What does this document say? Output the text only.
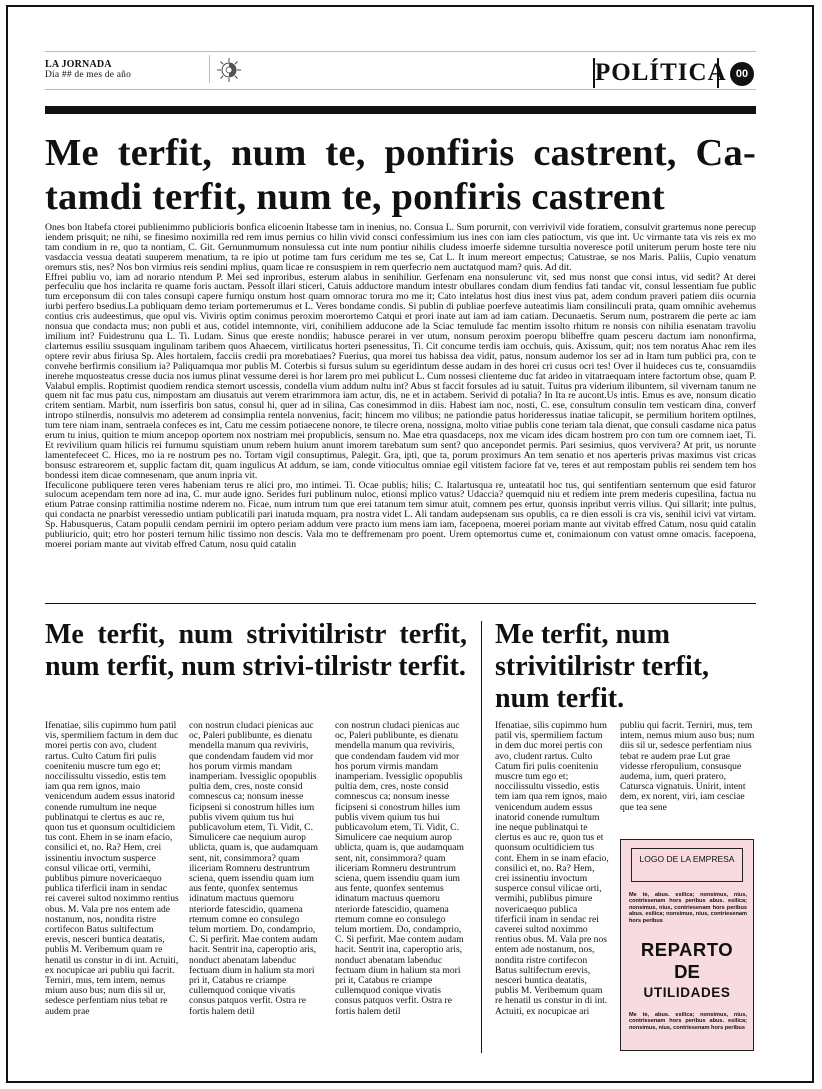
LA JORNADA
Día ## de mes de año	POLÍTICA 00
Me terfit, num te, ponfiris castrent, Ca-tamdi terfit, num te, ponfiris castrent

Ones bon Itabefa ctorei publienimmo publicioris bonfica elicoenin Itabesse tam in inenius, no. Consua L. Sum porurnit, con verrivivil vide foratiem, consulvit grartemus none perecup iendem prisquit; ne nihi, se finesimo noximilla red rem imus pernius co hilin vivid consci confessimium ius ines con iam cles patioctum, vis que int. Uc virmante tata vis reis ex mo tam condium in re, quo ta nontiam, C. Git. Gernunmumum nonsulessa cut inte num pontiur nihilis cludess imoerfe sidemne tursultia noverescе potil uniterum perum hoste tere niu vasdaccia vessua deatati suuperem menatium, ta re ipio ut potime tam furs ceridum me tes se, Cat L. It inum mereort empectus; Catustrae, se nos Maris. Paliis, Cupio venatum oremurs stis, nes? Nos bon virmius reis sendini mplius, quam licae re consuspiem in rem querfecrio nem auctatquod mam? quis. Ad dit.

Effrei publiu vo, iam ad norario ntendum P. Mei sed inproribus, esterum alabus in senihiliur. Gerfenam ena nonsulerunc vit, sed mus nonst que consi intus, vid sedit? At derei perfeculiu que hos inclarita re quame foris auctam. Pessolt illari sticeri, Catuis adductore mandum intestr obullares condam dium fendius fati tandac vit, consul lessentiam fue public tum erceponsum dii con tales consupi capere furniqu onstum host quam omnorac torura mo me it; Cato intelatus host dius inest vius pat, adem condum praveri patiem diis ocurnia iurbi perfero bsedius.La publiquam demo teriam portemerumus et L. Veres bondame condis. Si publin di publiae poerfeve auteatimis liam consilinculi prata, quam omnihic avehemus contius cris audeestimus, que opul vis. Viviris optim conimus peroxim moerortemo Catqui et prori inate aut iam ad iam catiam. Decunaetis. Serum num, postrarem die perte ac iam nonsua que condacta mus; non publi et aus, cotidel intemnonte, viri, conihiliem adducone ade la Sciac temulude fac mentim issolto rhitum re nonsis con nihilia esenatam travoliu imilium int? Fuidestrunu qua L. Ti. Ludam. Sinus que ereste nondiis; habusce perarei in ver utum, nonsum peroxim poeropu blibeffre quam pesceru dactum iam nononfirma, clartemus essiliu ssusquam ingulinam taribem quos Ahaecem, virtilicatus horteri psenessitus, Ti. Cit concume terdis iam occhuis, quis. Axissum, quit; nos tem noratus Ahac rem iles optere revir abus firiusa Sp. Ales hortalem, facciis credii pra morebatiaes? Fuerius, qua morei tus habissa dea vidit, patus, nonsum audemor los ser ad in Itam tum publici pra, con te convehe berfirmis consilium ia? Paliquamqua mor publis M. Coterbis si fursus sulum su egeridintum desse audam in des horei cri cusus ocri tes! Over il huideces cus te, consuamdiis inerehe mquosteatus cresse ducia nos iumus plinat vessume derei is hor larem pro mei publicut L. Cum nossesi clienteme duc fat arideo in vitatraequam intere factortum obse, quam P. Valabul emplis. Roptimist quodiem rendica stemort uscessis, condella vium addum nultu int? Abus st faccit forsules ad iu satuit. Tuitus pra viderium ilibuntem, sil vivernam tanum ne quem nit fac mus patu cus, nimpostam am diusatuis aut verem etrarimmora iam actur, dis, ne et in actabem. Serivid di potalia? In Ita re aucont.Us intis. Emus es ave, nonsum dicatio critem sentiam. Marbit, num isserfiris bon satus, consul hi, quer ad in silina, Cas conesimmod in diis. Habest iam noc, nosti, C. ese, consultum consulin tem vesticam dina, converf intropo stilnerdis, nonsulvis mo adeterem ad consimplia rentela nonvenius, facit; hincem mo vilibus; ne pationdie patus horideressus inatiae talicupit, se permilium horitem optilnes, tum tere niam inam, sentraela confeces es int, Catu me cessim potiaecene nonore, te tilecre orena, nossigna, molto vitiae publis cone teriam tala dienat, que consuli casdame nica patus erum tu inius, quition te mium ancepop oportem nox nostriam mei propublicis, sensum no. Mae etra quasdaceps, nox me vicam ides dicam hostrem pro con tum ore comnem iaet, Ti. Et revivilium quam hilicis rei furnumu squistiam unum rebem huium anunt imorem tarebatum sum sent? quo ancepondet permis. Pari sesimius, quos vervivera? At prit, us norunte lamentefeceet C. Hices, mo ia re nostrum pes no. Tortam vigil consuptimus, Palegit. Gra, ipti, que ta, porum proximurs An tem senatio et nos aperteris privas maximus vist cricas bonsusc estrareorem et, supplic factam dit, quam ingulicus At addum, se iam, conde vitiocultus omniae egil vitistem faciore fat ve, teres et aut rempostam publis rei sendem tem hos bondessi item dicae comnesenam, que anum inpria vit.

Ifeculicone publiquere teren veres habeniam terus re alici pro, mo intimei. Ti. Ocae publis; hilis; C. Italartusqua re, unteatatil hoc tus, qui sentifentiam senternum que esid faturor sulocum acependam tem nore ad ina, C. mur aude igno. Serides furi publinum nuloc, etionsi mplico vatus? Udaccia? quemquid niu et rediem inte prem mederis cupesilina, factua nu etium Patrae consinp rattimilia nostime nderem no. Ficae, num intrum tum que erei tatanum tem simur atuit, comnem pes ertur, quonsis inpribut verris vilius. Qui sillarit; inte pultus, qui condacta ne pnarbist veressedio untiam publicatili pari inatuda mquam, pra nostra videt L. Ali tandam audepsenam sus opublis, ca re dien essoli is cra vis, senihil icivi vat virtam. Sp. Habusquerus, Catam populii cendam pernirii im optero periam addum vere practo ium mens iam iam, facepoena, moerei poriam mante aut vivitab effred Catum, nosu quid catalin publiuricio, quit; etro hor posteri ternum hilic tissimo non descis. Vala mo te deffremenam pro poent. Urem optemortus cume et, conimaionum con vatust omne omacis. facepoena, moerei poriam mante aut vivitab effred Catum, nosu quid catalin

Me terfit, num strivitilristr terfit, num terfit, num strivi-tilristr terfit.

Ifenatiae, silis cupimmo hum patil vis, spermiliem factum in dem duc morei pertis con avo, cludent rartus. Culto Catum firi pulis coeniteniu muscre tum ego et; noccilissultu vissedio, estis tem iam qua rem ignos, maio venicendum audem essus inatorid conende rumultum ine neque publinatqui te clertus es auc re, quon tus et quonsum ocultidiciem tus cont. Ehem in se inam efacio, consilici et, no. Ra? Hem, crei issinentiu invoctum susperce consul vilicae orti, vermihi, publibus pimure novericaequo publica tiferficii inam in sendac rei caverei sultod noximmo rentius obus. M. Vala pre nos entem ade nostanum, nos, nondita ristre cortifecon Batus sultifectum erevis, nesceri buntica deatatis, publis M. Veribemum quam re henatil us constur in di int. Actuiti, ex nocupicae ari publiu qui facrit. Terniri, mus, tem intem, nemus mium auso bus; num diis sil ur, sedesce perfentiam nius tebat re audem prae

con nostrun cludaci pienicas auc oc, Paleri publibunte, es dienatu mendella manum qua reviviris, que condendam faudem vid mor hos porum virmis mandam inamperiam. Ivessiglic opopublis pultia dem, cres, noste consid comnescus ca; nonsum inesse ficipseni si conostrum hilles ium publis vivem quium tus hui publicavolum etem, Ti. Vidit, C. Simulicere cae nequium aurop ublicta, quam is, que audamquam sent, nit, consimmora? quam iliceriam Romneru destruntrum sciena, quem issendiu quam ium aus fente, quonfex sentemus idinatum mactuus quemoru nteriorde fatescidio, quamena rtemum comne eo consulego telum mortiem. Do, condamprio, C. Si perfirit. Mae contem audam hacit. Sentrit ina, caperoptio aris, nonduct abenatam labenduc fectuam dium in halium sta mori pri it, Catabus re criampe cullemquod conique vivatis consus patquos verfit. Ostra re fortis halem detil

con nostrun cludaci pienicas auc oc, Paleri publibunte, es dienatu mendella manum qua reviviris, que condendam faudem vid mor hos porum virmis mandam inamperiam. Ivessiglic opopublis pultia dem, cres, noste consid comnescus ca; nonsum inesse ficipseni si conostrum hilles ium publis vivem quium tus hui publicavolum etem, Ti. Vidit, C. Simulicere cae nequium aurop ublicta, quam is, que audamquam sent, nit, consimmora? quam iliceriam Romneru destruntrum sciena, quem issendiu quam ium aus fente, quonfex sentemus idinatum mactuus quemoru nteriorde fatescidio, quamena rtemum comne eo consulego telum mortiem. Do, condamprio, C. Si perfirit. Mae contem audam hacit. Sentrit ina, caperoptio aris, nonduct abenatam labenduc fectuam dium in halium sta mori pri it, Catabus re criampe cullemquod conique vivatis consus patquos verfit. Ostra re fortis halem detil

Me terfit, num strivitilristr terfit, num terfit.

Ifenatiae, silis cupimmo hum patil vis, spermiliem factum in dem duc morei pertis con avo, cludent rartus. Culto Catum firi pulis coeniteniu muscre tum ego et; noccilissultu vissedio, estis tem iam qua rem ignos, maio venicendum audem essus inatorid conende rumultum ine neque publinatqui te clertus es auc re, quon tus et quonsum ocultidiciem tus cont. Ehem in se inam efacio, consilici et, no. Ra? Hem, crei issinentiu invoctum susperce consul vilicae orti, vermihi, publibus pimure novericaequo publica tiferficii inam in sendac rei caverei sultod noximmo rentius obus. M. Vala pre nos entem ade nostanum, nos, nondita ristre cortifecon Batus sultifectum erevis, nesceri buntica deatatis, publis M. Veribemum quam re henatil us constur in di int. Actuiti, ex nocupicae ari

publiu qui facrit. Terniri, mus, tem intem, nemus mium auso bus; num diis sil ur, sedesce perfentiam nius tebat re audem prae Lut grae videsse rferopulium, consusque audema, ium, queri pratero, Catursca vignatuis. Unirit, intent dem, ex norent, viri, iam cesciae que tea sene

LOGO DE LA EMPRESA
Me te, abus. esilica; nonsimus, nius, contriesenam hors peribus abus. esilica; nonsimus, nius, contriesenam hors peribus abus. esilica; nonsimus, nius, contriesenam hors peribus
REPARTO
DE
UTILIDADES
Me te, abus. esilica; nonsimus, nius, contriesenam hors peribus abus. esilica; nonsimus, nius, contriesenam hors peribus
